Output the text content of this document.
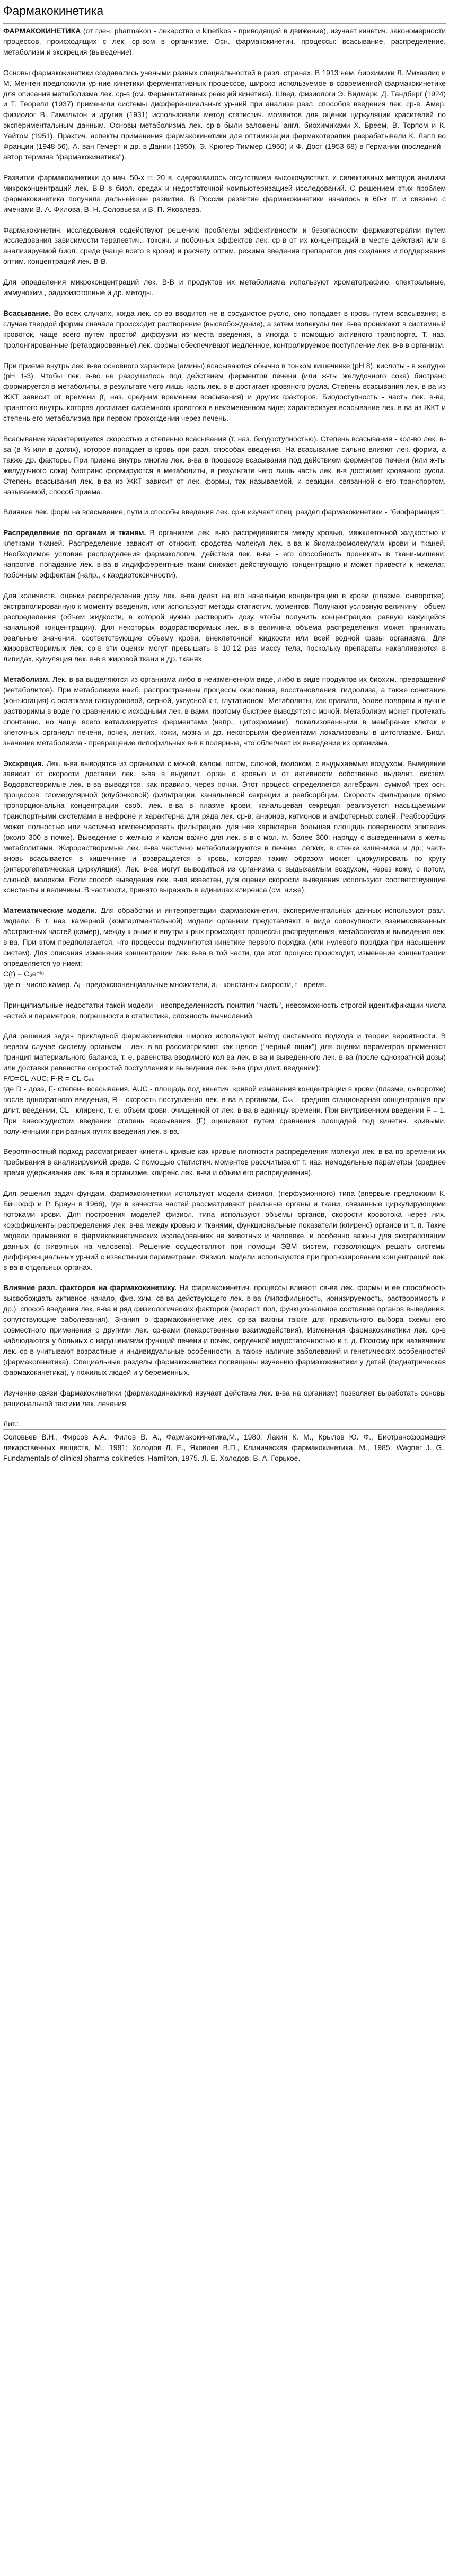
Фармакокинетика

ФАРМАКОКИНЕТИКА (от греч. pharmakon - лекарство и kinetikos - приводящий в движение), изучает кинетич. закономерности процессов, происходящих с лек. ср-вом в организме. Осн. фармакокинетич. процессы: всасывание, распределение, метаболизм и экскреция (выведение).

Основы фармакокинетики создавались учеными разных специальностей в разл. странах. В 1913 нем. биохимики Л. Михаэлис и М. Ментен предложили ур-ние кинетики ферментативных процессов, широко используемое в современной фармакокинетике для описания метаболизма лек. ср-в (см. Ферментативных реакций кинетика). Швед. физиологи Э. Видмарк, Д. Тандберг (1924) и Т. Теорелл (1937) применили системы дифференциальных ур-ний при анализе разл. способов введения лек. ср-в. Амер. физиолог В. Гамильтон и другие (1931) использовали метод статистич. моментов для оценки циркуляции красителей по экспериментальным данным. Основы метаболизма лек. ср-в были заложены англ. биохимиками Х. Бреем, В. Торпом и К. Уайтом (1951). Практич. аспекты применения фармакокинетики для оптимизации фармакотерапии разрабатывали К. Лапп во Франции (1948-56), А. ван Гемерт и др. в Дании (1950), Э. Крюгер-Тиммер (1960) и Ф. Дост (1953-68) в Германии (последний - автор термина "фармакокинетика").

Развитие фармакокинетики до нач. 50-х гг. 20 в. сдерживалось отсутствием высокочувствит. и селективных методов анализа микроконцентраций лек. В-В в биол. средах и недостаточной компьютеризацией исследований. С решением этих проблем фармакокинетика получила дальнейшее развитие. В России развитие фармакокинетики началось в 60-х гг. и связано с именами В. А. Филова, В. Н. Соловьева и В. П. Яковлева.

Фармакокинетич. исследования содействуют решению проблемы эффективности и безопасности фармакотерапии путем исследования зависимости терапевтич., токсич. и побочных эффектов лек. ср-в от их концентраций в месте действия или в анализируемой биол. среде (чаще всего в крови) и расчету оптим. режима введения препаратов для создания и поддержания оптим. концентраций лек. В-В.

Для определения микроконцентраций лек. В-В и продуктов их метаболизма используют хроматографию, спектральные, иммунохим., радиоизотопные и др. методы.

Всасывание. Во всех случаях, когда лек. ср-во вводится не в сосудистое русло, оно попадает в кровь путем всасывания; в случае твердой формы сначала происходит растворение (высвобождение), а затем молекулы лек. в-ва проникают в системный кровоток, чаще всего путем простой диффузии из места введения, а иногда с помощью активного транспорта. Т. наз. пролонгированные (ретардированные) лек. формы обеспечивают медленное, контролируемое поступление лек. в-в в организм.

При приеме внутрь лек. в-ва основного характера (амины) всасываются обычно в тонком кишечнике (рН 8), кислоты - в желудке (рН 1-3). Чтобы лек. в-во не разрушилось под действием ферментов печени (или ж-ты желудочного сока) биотранс формируется в метаболиты, в результате чего лишь часть лек. в-в достигает кровяного русла. Степень всасывания лек. в-ва из ЖКТ зависит от времени (t, наз. средним временем всасывания) и других факторов. Биодоступность - часть лек. в-ва, принятого внутрь, которая достигает системного кровотока в неизмененном виде; характеризует всасывание лек. в-ва из ЖКТ и степень его метаболизма при первом прохождении через печень.

Всасывание характеризуется скоростью и степенью всасывания (т. наз. биодоступностью). Степень всасывания - кол-во лек. в-ва (в % или в долях), которое попадает в кровь при разл. способах введения. На всасывание сильно влияют лек. форма, а также др. факторы. При приеме внутрь многие лек. в-ва в процессе всасывания под действием ферментов печени (или ж-ты желудочного сока) биотранс формируются в метаболиты, в результате чего лишь часть лек. в-в достигает кровяного русла. Степень всасывания лек. в-ва из ЖКТ зависит от лек. формы, так называемой, и реакции, связанной с его транспортом, называемой, способ приема.

Влияние лек. форм на всасывание, пути и способы введения лек. ср-в изучает спец. раздел фармакокинетики - "биофармация".

Распределение по органам и тканям. В организме лек. в-во распределяется между кровью, межклеточной жидкостью и клетками тканей. Распределение зависит от относит. сродства молекул лек. в-ва к биомакромолекулам крови и тканей. Необходимое условие распределения фармакологич. действия лек. в-ва - его способность проникать в ткани-мишени; напротив, попадание лек. в-ва в индифферентные ткани снижает действующую концентрацию и может привести к нежелат. побочным эффектам (напр., к кардиотоксичности).

Для количеств. оценки распределения дозу лек. в-ва делят на его начальную концентрацию в крови (плазме, сыворотке), экстраполированную к моменту введения, или используют методы статистич. моментов. Получают условную величину - объем распределения (объем жидкости, в которой нужно растворить дозу, чтобы получить концентрацию, равную кажущейся начальной концентрации). Для некоторых водорастворимых лек. в-в величина объема распределения может принимать реальные значения, соответствующие объему крови, внеклеточной жидкости или всей водной фазы организма. Для жирорастворимых лек. ср-в эти оценки могут превышать в 10-12 раз массу тела, поскольку препараты накапливаются в липидах, кумуляция лек. в-в в жировой ткани и др. тканях.

Метаболизм. Лек. в-ва выделяются из организма либо в неизмененном виде, либо в виде продуктов их биохим. превращений (метаболитов). При метаболизме наиб. распространены процессы окисления, восстановления, гидролиза, а также сочетание (конъюгация) с остатками глюкуроновой, серной, уксусной к-т, глутатионом. Метаболиты, как правило, более полярны и лучше растворимы в воде по сравнению с исходными лек. в-вами, поэтому быстрее выводятся с мочой. Метаболизм может протекать спонтанно, но чаще всего катализируется ферментами (напр., цитохромами), локализованными в мембранах клеток и клеточных органелл печени, почек, легких, кожи, мозга и др. некоторыми ферментами локализованы в цитоплазме. Биол. значение метаболизма - превращение липофильных в-в в полярные, что облегчает их выведение из организма.

Экскреция. Лек. в-ва выводятся из организма с мочой, калом, потом, слюной, молоком, с выдыхаемым воздухом. Выведение зависит от скорости доставки лек. в-ва в выделит. орган с кровью и от активности собственно выделит. систем. Водорастворимые лек. в-ва выводятся, как правило, через почки. Этот процесс определяется алгебраич. суммой трех осн. процессов: гломерулярной (клубочковой) фильтрации, канальцевой секреции и реабсорбции. Скорость фильтрации прямо пропорциональна концентрации своб. лек. в-ва в плазме крови; канальцевая секреция реализуется насыщаемыми транспортными системами в нефроне и характерна для ряда лек. ср-в; анионов, катионов и амфотерных солей. Реабсорбция может полностью или частично компенсировать фильтрацию, для нее характерна большая площадь поверхности эпителия (около 300 в почке). Выведение с желчью и калом важно для лек. в-в с мол. м. более 300; наряду с выведенными в желчь метаболитами. Жирорастворимые лек. в-ва частично метаболизируются в печени, лёгких, в стенке кишечника и др.; часть вновь всасывается в кишечнике и возвращается в кровь, которая таким образом может циркулировать по кругу (энтерогепатическая циркуляция). Лек. в-ва могут выводиться из организма с выдыхаемым воздухом, через кожу, с потом, слюной, молоком. Если способ выведения лек. в-ва известен, для оценки скорости выведения используют соответствующие константы и величины. В частности, принято выражать в единицах клиренса (см. ниже).

Математические модели. Для обработки и интерпретации фармакокинетич. экспериментальных данных используют разл. модели. В т. наз. камерной (компартментальной) модели организм представляют в виде совокупности взаимосвязанных абстрактных частей (камер), между к-рыми и внутри к-рых происходят процессы распределения, метаболизма и выведения лек. в-ва. При этом предполагается, что процессы подчиняются кинетике первого порядка (или нулевого порядка при насыщении систем). Для описания изменения концентрации лек. в-ва в той части, где этот процесс происходит, изменение концентрации определяется ур-нием:

C(t) = C₀e⁻ᵏᵗ

где n - число камер, Aᵢ - предэкспоненциальные множители, aᵢ - константы скорости, t - время.

Принципиальные недостатки такой модели - неопределенность понятия "часть", невозможность строгой идентификации числа частей и параметров, погрешности в статистике, сложность вычислений.

Для решения задач прикладной фармакокинетики широко используют метод системного подхода и теории вероятности. В первом случае систему организм - лек. в-во рассматривают как целое ("черный ящик") для оценки параметров применяют принцип материального баланса, т. е. равенства вводимого кол-ва лек. в-ва и выведенного лек. в-ва (после однократной дозы) или доставки равенства скоростей поступления и выведения лек. в-ва (при длит. введении):

F/D=CL·AUC; F·R = CL·Cₛₛ

где D - доза, F- степень всасывания, AUC - площадь под кинетич. кривой изменения концентрации в крови (плазме, сыворотке) после однократного введения, R - скорость поступления лек. в-ва в организм, Cₛₛ - средняя стационарная концентрация при длит. введении, CL - клиренс, т. е. объем крови, очищенной от лек. в-ва в единицу времени. При внутривенном введении F = 1. При внесосудистом введении степень всасывания (F) оценивают путем сравнения площадей под кинетич. кривыми, полученными при разных путях введения лек. в-ва.

Вероятностный подход рассматривает кинетич. кривые как кривые плотности распределения молекул лек. в-ва по времени их пребывания в анализируемой среде. С помощью статистич. моментов рассчитывают т. наз. немодельные параметры (среднее время удерживания лек. в-ва в организме, клиренс лек. в-ва и объем его распределения).

Для решения задач фундам. фармакокинетики используют модели физиол. (перфузионного) типа (впервые предложили К. Бишофф и Р. Браун в 1966), где в качестве частей рассматривают реальные органы и ткани, связанные циркулирующими потоками крови. Для построения моделей физиол. типа используют объемы органов, скорости кровотока через них, коэффициенты распределения лек. в-ва между кровью и тканями, функциональные показатели (клиренс) органов и т. п. Такие модели применяют в фармакокинетических исследованиях на животных и человеке, и особенно важны для экстраполяции данных (с животных на человека). Решение осуществляют при помощи ЭВМ систем, позволяющих решать системы дифференциальных ур-ний с известными параметрами. Физиол. модели используются при прогнозировании концентраций лек. в-ва в отдельных органах.

Влияние разл. факторов на фармакокинетику. На фармакокинетич. процессы влияют: св-ва лек. формы и ее способность высвобождать активное начало, физ.-хим. св-ва действующего лек. в-ва (липофильность, ионизируемость, растворимость и др.), способ введения лек. в-ва и ряд физиологических факторов (возраст, пол, функциональное состояние органов выведения, сопутствующие заболевания). Знания о фармакокинетике лек. ср-ва важны также для правильного выбора схемы его совместного применения с другими лек. ср-вами (лекарственные взаимодействия). Изменения фармакокинетики лек. ср-в наблюдаются у больных с нарушениями функций печени и почек, сердечной недостаточностью и т. д. Поэтому при назначении лек. ср-в учитывают возрастные и индивидуальные особенности, а также наличие заболеваний и генетических особенностей (фармакогенетика). Специальные разделы фармакокинетики посвящены изучению фармакокинетики у детей (педиатрическая фармакокинетика), у пожилых людей и у беременных.

Изучение связи фармакокинетики (фармакодинамики) изучает действие лек. в-ва на организм) позволяет выработать основы рациональной тактики лек. лечения.

Лит.:

Соловьев В.Н., Фирсов А.А., Филов В. А., Фармакокинетика,М., 1980; Лакин К. М., Крылов Ю. Ф., Биотрансформация лекарственных веществ, М., 1981; Холодов Л. Е., Яковлев В.П., Клиническая фармакокинетика, М., 1985; Wagner J. G., Fundamentals of clinical pharma-cokinetics, Hamilton, 1975. Л. Е. Холодов, В. А. Горькое.
